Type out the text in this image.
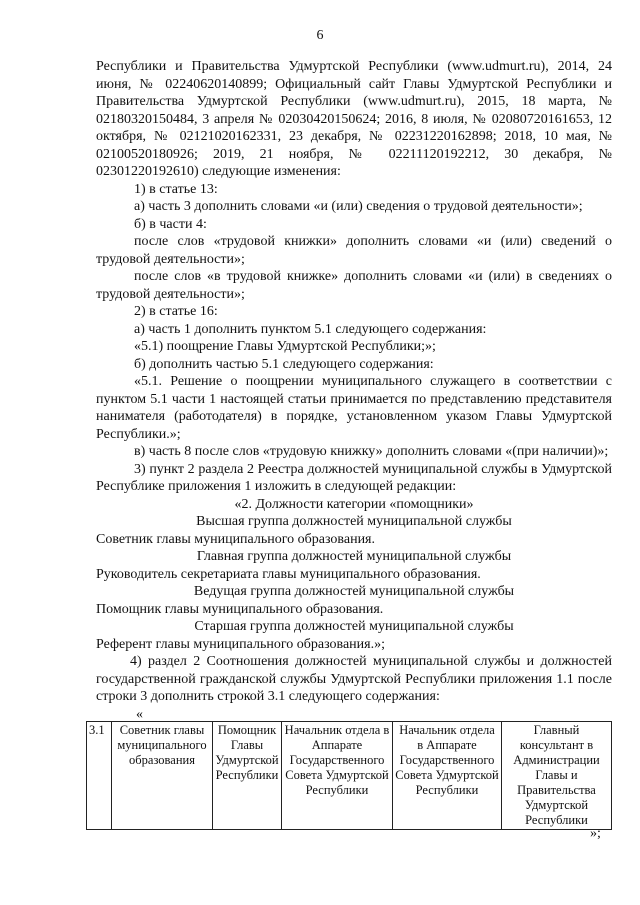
6

Республики и Правительства Удмуртской Республики (www.udmurt.ru), 2014, 24 июня, № 02240620140899; Официальный сайт Главы Удмуртской Республики и Правительства Удмуртской Республики (www.udmurt.ru), 2015, 18 марта, № 02180320150484, 3 апреля № 02030420150624; 2016, 8 июля, № 02080720161653, 12 октября, № 02121020162331, 23 декабря, № 02231220162898; 2018, 10 мая, № 02100520180926; 2019, 21 ноября, № 02211120192212, 30 декабря, № 02301220192610) следующие изменения:

1) в статье 13:

а) часть 3 дополнить словами «и (или) сведения о трудовой деятельности»;

б) в части 4:

после слов «трудовой книжки» дополнить словами «и (или) сведений о трудовой деятельности»;

после слов «в трудовой книжке» дополнить словами «и (или) в сведениях о трудовой деятельности»;

2) в статье 16:

а) часть 1 дополнить пунктом 5.1 следующего содержания:

«5.1) поощрение Главы Удмуртской Республики;»;

б) дополнить частью 5.1 следующего содержания:

«5.1. Решение о поощрении муниципального служащего в соответствии с пунктом 5.1 части 1 настоящей статьи принимается по представлению представителя нанимателя (работодателя) в порядке, установленном указом Главы Удмуртской Республики.»;

в) часть 8 после слов «трудовую книжку» дополнить словами «(при наличии)»;

3) пункт 2 раздела 2 Реестра должностей муниципальной службы в Удмуртской Республике приложения 1 изложить в следующей редакции:

«2. Должности категории «помощники»

Высшая группа должностей муниципальной службы

Советник главы муниципального образования.

Главная группа должностей муниципальной службы

Руководитель секретариата главы муниципального образования.

Ведущая группа должностей муниципальной службы

Помощник главы муниципального образования.

Старшая группа должностей муниципальной службы

Референт главы муниципального образования.»;

4) раздел 2 Соотношения должностей муниципальной службы и должностей государственной гражданской службы Удмуртской Республики приложения 1.1 после строки 3 дополнить строкой 3.1 следующего содержания:

«

3.1	Советник главы муниципального образования	Помощник Главы Удмуртской Республики	Начальник отдела в Аппарате Государственного Совета Удмуртской Республики	Начальник отдела в Аппарате Государственного Совета Удмуртской Республики	Главный консультант в Администрации Главы и Правительства Удмуртской Республики
»;
